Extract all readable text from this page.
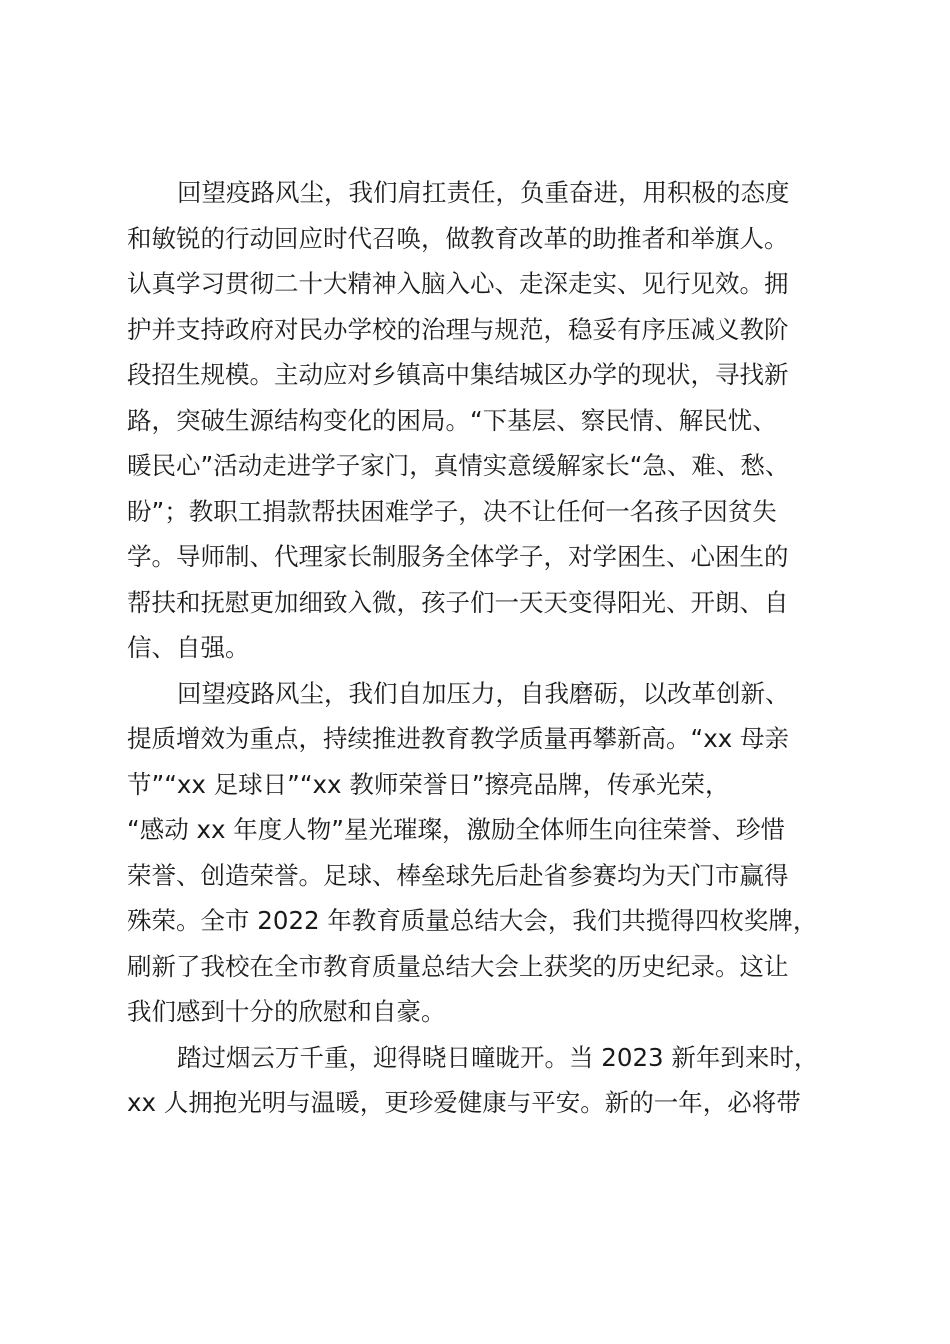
回望疫路风尘，我们肩扛责任，负重奋进，用积极的态度
和敏锐的行动回应时代召唤，做教育改革的助推者和举旗人。
认真学习贯彻二十大精神入脑入心、走深走实、见行见效。拥
护并支持政府对民办学校的治理与规范，稳妥有序压减义教阶
段招生规模。主动应对乡镇高中集结城区办学的现状，寻找新
路，突破生源结构变化的困局。“下基层、察民情、解民忧、
暖民心”活动走进学子家门，真情实意缓解家长“急、难、愁、
盼”；教职工捐款帮扶困难学子，决不让任何一名孩子因贫失
学。导师制、代理家长制服务全体学子，对学困生、心困生的
帮扶和抚慰更加细致入微，孩子们一天天变得阳光、开朗、自
信、自强。
回望疫路风尘，我们自加压力，自我磨砺，以改革创新、
提质增效为重点，持续推进教育教学质量再攀新高。“xx 母亲
节”“xx 足球日”“xx 教师荣誉日”擦亮品牌，传承光荣，
“感动 xx 年度人物”星光璀璨，激励全体师生向往荣誉、珍惜
荣誉、创造荣誉。足球、棒垒球先后赴省参赛均为天门市赢得
殊荣。全市 2022 年教育质量总结大会，我们共揽得四枚奖牌，
刷新了我校在全市教育质量总结大会上获奖的历史纪录。这让
我们感到十分的欣慰和自豪。
踏过烟云万千重，迎得晓日曈昽开。当 2023 新年到来时，
xx 人拥抱光明与温暖，更珍爱健康与平安。新的一年，必将带
